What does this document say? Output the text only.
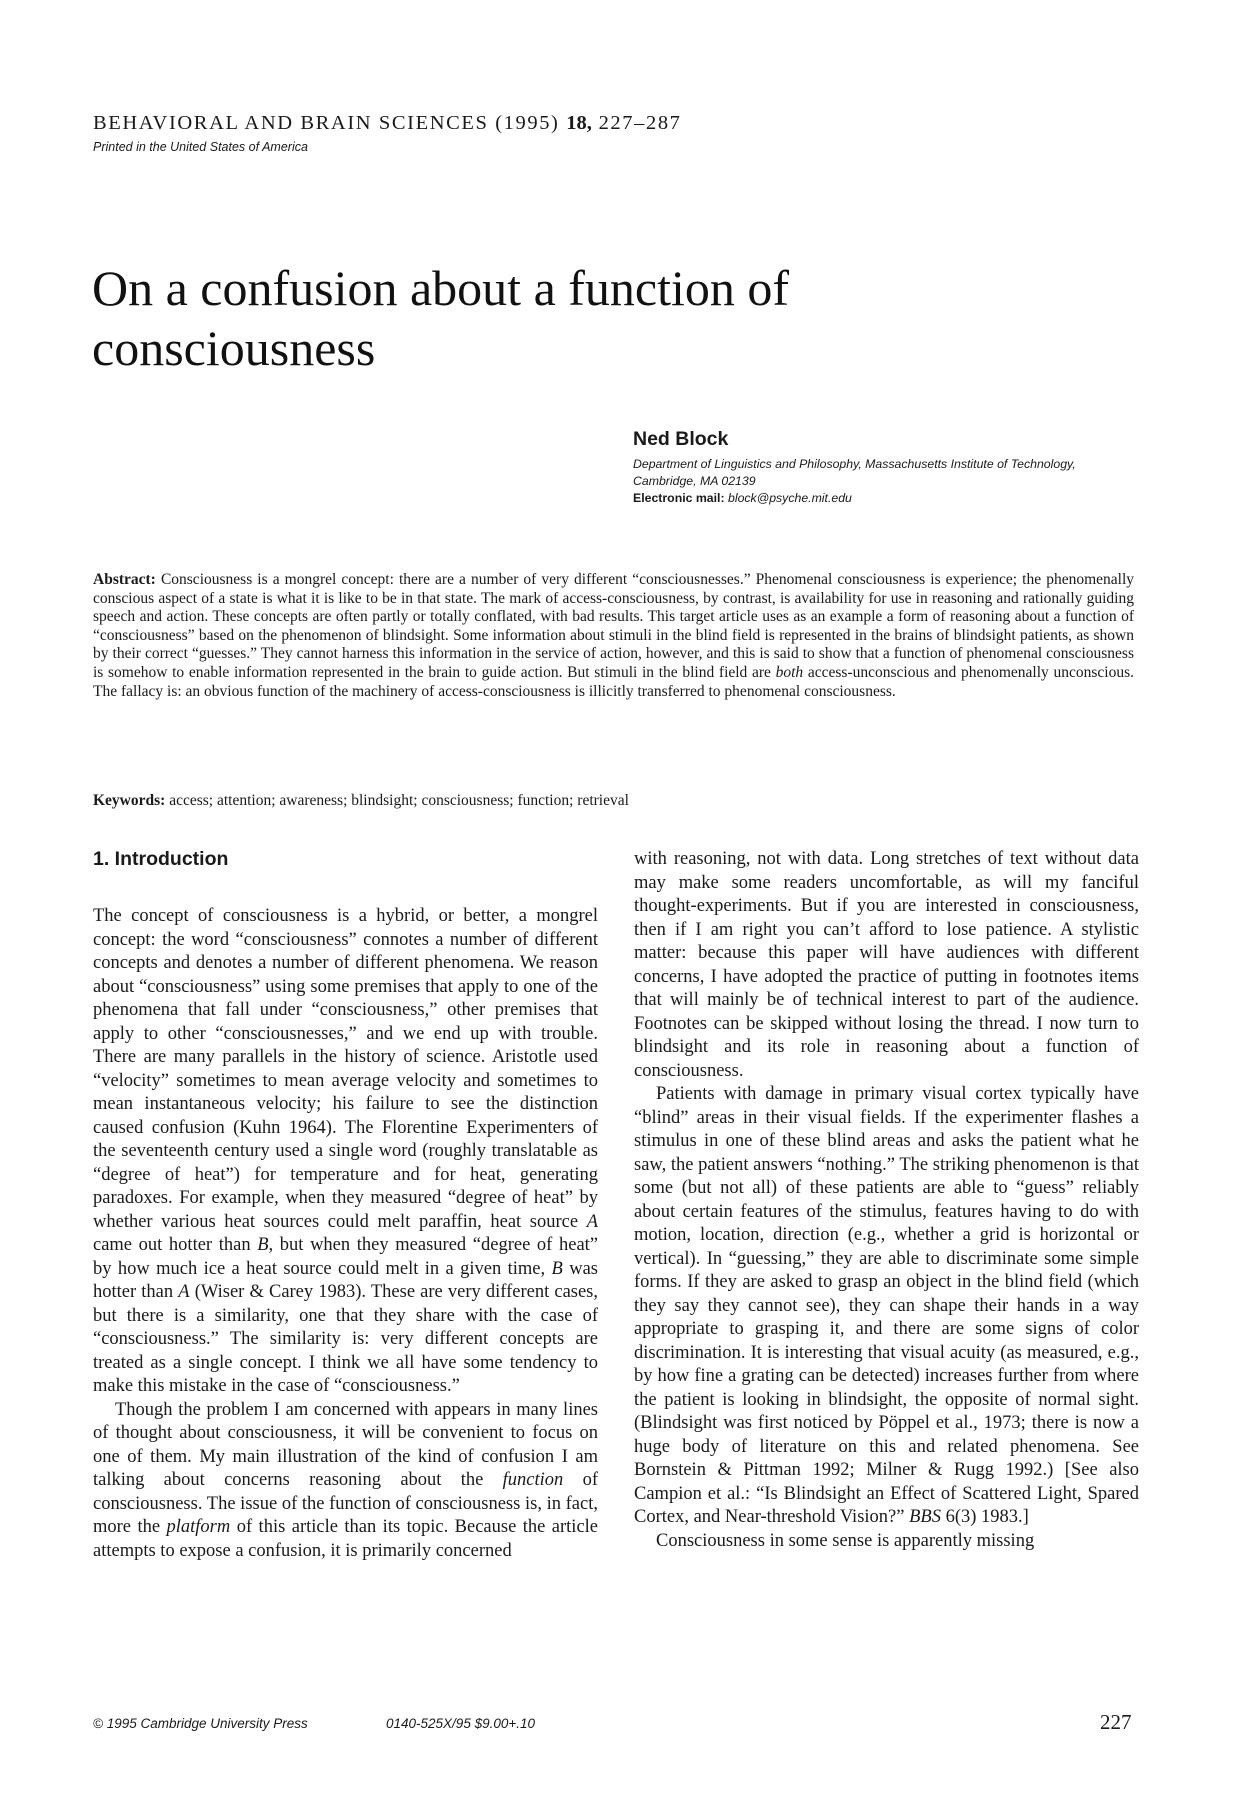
BEHAVIORAL AND BRAIN SCIENCES (1995) 18, 227–287
Printed in the United States of America
On a confusion about a function of consciousness
Ned Block
Department of Linguistics and Philosophy, Massachusetts Institute of Technology, Cambridge, MA 02139
Electronic mail: block@psyche.mit.edu
Abstract: Consciousness is a mongrel concept: there are a number of very different “consciousnesses.” Phenomenal consciousness is experience; the phenomenally conscious aspect of a state is what it is like to be in that state. The mark of access-consciousness, by contrast, is availability for use in reasoning and rationally guiding speech and action. These concepts are often partly or totally conflated, with bad results. This target article uses as an example a form of reasoning about a function of “consciousness” based on the phenomenon of blindsight. Some information about stimuli in the blind field is represented in the brains of blindsight patients, as shown by their correct “guesses.” They cannot harness this information in the service of action, however, and this is said to show that a function of phenomenal consciousness is somehow to enable information represented in the brain to guide action. But stimuli in the blind field are both access-unconscious and phenomenally unconscious. The fallacy is: an obvious function of the machinery of access-consciousness is illicitly transferred to phenomenal consciousness.
Keywords: access; attention; awareness; blindsight; consciousness; function; retrieval
1. Introduction

The concept of consciousness is a hybrid, or better, a mongrel concept: the word “consciousness” connotes a number of different concepts and denotes a number of different phenomena. We reason about “consciousness” using some premises that apply to one of the phenomena that fall under “consciousness,” other premises that apply to other “consciousnesses,” and we end up with trouble. There are many parallels in the history of science. Aristotle used “velocity” sometimes to mean average velocity and sometimes to mean instantaneous velocity; his failure to see the distinction caused confusion (Kuhn 1964). The Florentine Experimenters of the seventeenth century used a single word (roughly translatable as “degree of heat”) for temperature and for heat, generating paradoxes. For example, when they measured “degree of heat” by whether various heat sources could melt paraffin, heat source A came out hotter than B, but when they measured “degree of heat” by how much ice a heat source could melt in a given time, B was hotter than A (Wiser & Carey 1983). These are very different cases, but there is a similarity, one that they share with the case of “consciousness.” The similarity is: very different concepts are treated as a single concept. I think we all have some tendency to make this mistake in the case of “consciousness.”

Though the problem I am concerned with appears in many lines of thought about consciousness, it will be convenient to focus on one of them. My main illustration of the kind of confusion I am talking about concerns reasoning about the function of consciousness. The issue of the function of consciousness is, in fact, more the platform of this article than its topic. Because the article attempts to expose a confusion, it is primarily concerned

with reasoning, not with data. Long stretches of text without data may make some readers uncomfortable, as will my fanciful thought-experiments. But if you are interested in consciousness, then if I am right you can’t afford to lose patience. A stylistic matter: because this paper will have audiences with different concerns, I have adopted the practice of putting in footnotes items that will mainly be of technical interest to part of the audience. Footnotes can be skipped without losing the thread. I now turn to blindsight and its role in reasoning about a function of consciousness.

Patients with damage in primary visual cortex typically have “blind” areas in their visual fields. If the experimenter flashes a stimulus in one of these blind areas and asks the patient what he saw, the patient answers “nothing.” The striking phenomenon is that some (but not all) of these patients are able to “guess” reliably about certain features of the stimulus, features having to do with motion, location, direction (e.g., whether a grid is horizontal or vertical). In “guessing,” they are able to discriminate some simple forms. If they are asked to grasp an object in the blind field (which they say they cannot see), they can shape their hands in a way appropriate to grasping it, and there are some signs of color discrimination. It is interesting that visual acuity (as measured, e.g., by how fine a grating can be detected) increases further from where the patient is looking in blindsight, the opposite of normal sight. (Blindsight was first noticed by Pöppel et al., 1973; there is now a huge body of literature on this and related phenomena. See Bornstein & Pittman 1992; Milner & Rugg 1992.) [See also Campion et al.: “Is Blindsight an Effect of Scattered Light, Spared Cortex, and Near-threshold Vision?” BBS 6(3) 1983.]

Consciousness in some sense is apparently missing

© 1995 Cambridge University Press	0140-525X/95 $9.00+.10	227
